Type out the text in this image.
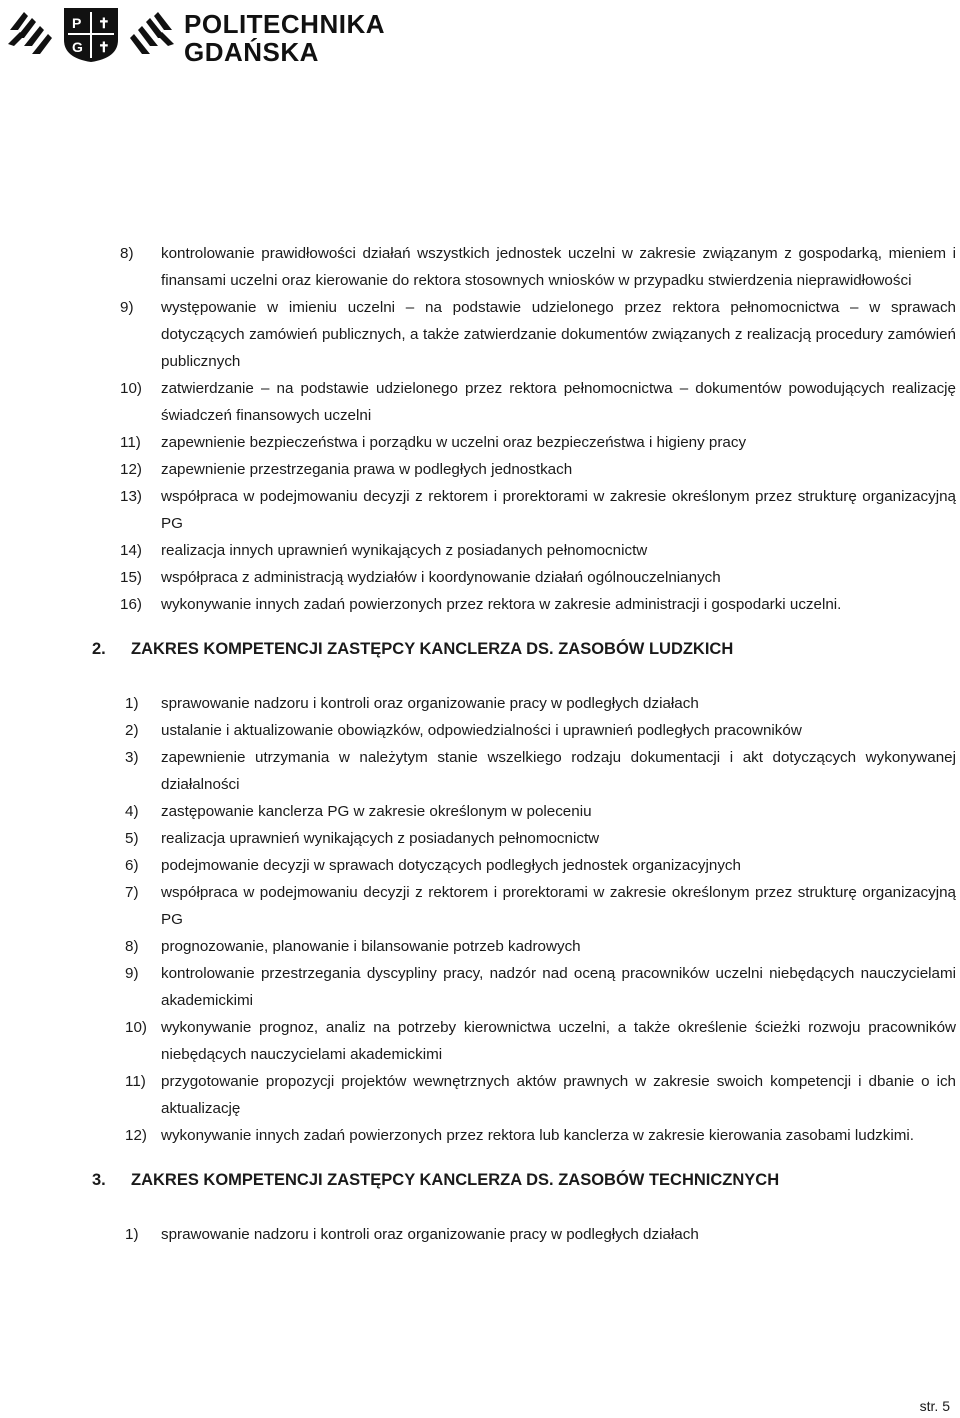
P
G
✝
✝
POLITECHNIKA
GDAŃSKA
8) kontrolowanie prawidłowości działań wszystkich jednostek uczelni w zakresie związanym z gospodarką, mieniem i finansami uczelni oraz kierowanie do rektora stosownych wniosków w przypadku stwierdzenia nieprawidłowości
9) występowanie w imieniu uczelni – na podstawie udzielonego przez rektora pełnomocnictwa – w sprawach dotyczących zamówień publicznych, a także zatwierdzanie dokumentów związanych z realizacją procedury zamówień publicznych
10) zatwierdzanie – na podstawie udzielonego przez rektora pełnomocnictwa – dokumentów powodujących realizację świadczeń finansowych uczelni
11) zapewnienie bezpieczeństwa i porządku w uczelni oraz bezpieczeństwa i higieny pracy
12) zapewnienie przestrzegania prawa w podległych jednostkach
13) współpraca w podejmowaniu decyzji z rektorem i prorektorami w zakresie określonym przez strukturę organizacyjną PG
14) realizacja innych uprawnień wynikających z posiadanych pełnomocnictw
15) współpraca z administracją wydziałów i koordynowanie działań ogólnouczelnianych
16) wykonywanie innych zadań powierzonych przez rektora w zakresie administracji i gospodarki uczelni.
2. ZAKRES KOMPETENCJI ZASTĘPCY KANCLERZA DS. ZASOBÓW LUDZKICH
1) sprawowanie nadzoru i kontroli oraz organizowanie pracy w podległych działach
2) ustalanie i aktualizowanie obowiązków, odpowiedzialności i uprawnień podległych pracowników
3) zapewnienie utrzymania w należytym stanie wszelkiego rodzaju dokumentacji i akt dotyczących wykonywanej działalności
4) zastępowanie kanclerza PG w zakresie określonym w poleceniu
5) realizacja uprawnień wynikających z posiadanych pełnomocnictw
6) podejmowanie decyzji w sprawach dotyczących podległych jednostek organizacyjnych
7) współpraca w podejmowaniu decyzji z rektorem i prorektorami w zakresie określonym przez strukturę organizacyjną PG
8) prognozowanie, planowanie i bilansowanie potrzeb kadrowych
9) kontrolowanie przestrzegania dyscypliny pracy, nadzór nad oceną pracowników uczelni niebędących nauczycielami akademickimi
10) wykonywanie prognoz, analiz na potrzeby kierownictwa uczelni, a także określenie ścieżki rozwoju pracowników niebędących nauczycielami akademickimi
11) przygotowanie propozycji projektów wewnętrznych aktów prawnych w zakresie swoich kompetencji i dbanie o ich aktualizację
12) wykonywanie innych zadań powierzonych przez rektora lub kanclerza w zakresie kierowania zasobami ludzkimi.
3. ZAKRES KOMPETENCJI ZASTĘPCY KANCLERZA DS. ZASOBÓW TECHNICZNYCH
1) sprawowanie nadzoru i kontroli oraz organizowanie pracy w podległych działach
str. 5
